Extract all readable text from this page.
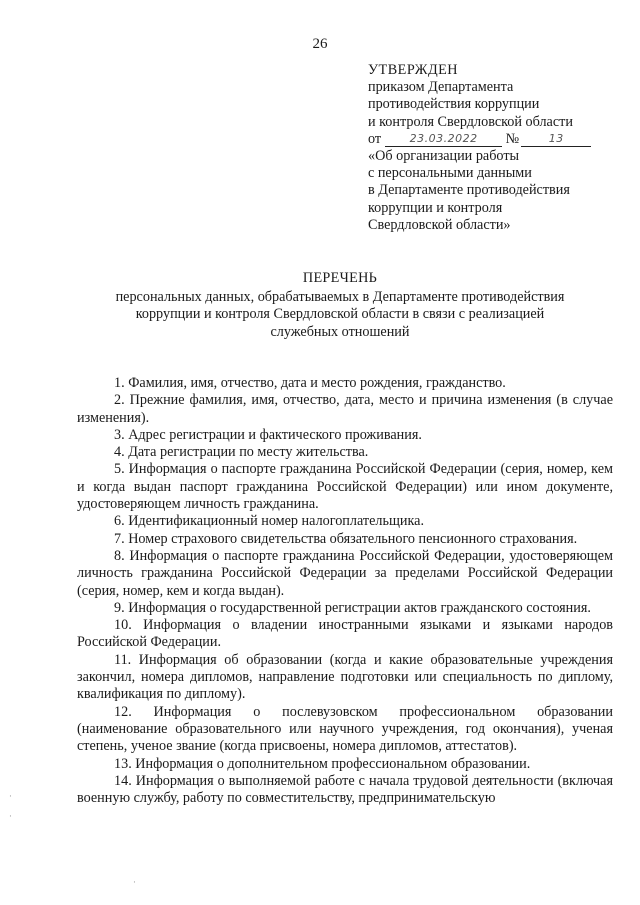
26
УТВЕРЖДЕН
приказом Департамента
противодействия коррупции
и контроля Свердловской области
от	23.03.2022 №	13
«Об организации работы
с персональными данными
в Департаменте противодействия
коррупции и контроля
Свердловской области»
ПЕРЕЧЕНЬ
персональных данных, обрабатываемых в Департаменте противодействия
коррупции и контроля Свердловской области в связи с реализацией
служебных отношений
1. Фамилия, имя, отчество, дата и место рождения, гражданство.
2. Прежние фамилия, имя, отчество, дата, место и причина изменения (в случае изменения).
3. Адрес регистрации и фактического проживания.
4. Дата регистрации по месту жительства.
5. Информация о паспорте гражданина Российской Федерации (серия, номер, кем и когда выдан паспорт гражданина Российской Федерации) или ином документе, удостоверяющем личность гражданина.
6. Идентификационный номер налогоплательщика.
7. Номер страхового свидетельства обязательного пенсионного страхования.
8. Информация о паспорте гражданина Российской Федерации, удостоверяющем личность гражданина Российской Федерации за пределами Российской Федерации (серия, номер, кем и когда выдан).
9. Информация о государственной регистрации актов гражданского состояния.
10. Информация о владении иностранными языками и языками народов Российской Федерации.
11. Информация об образовании (когда и какие образовательные учреждения закончил, номера дипломов, направление подготовки или специальность по диплому, квалификация по диплому).
12. Информация о послевузовском профессиональном образовании (наименование образовательного или научного учреждения, год окончания), ученая степень, ученое звание (когда присвоены, номера дипломов, аттестатов).
13. Информация о дополнительном профессиональном образовании.
14. Информация о выполняемой работе с начала трудовой деятельности (включая военную службу, работу по совместительству, предпринимательскую
·
·
·
